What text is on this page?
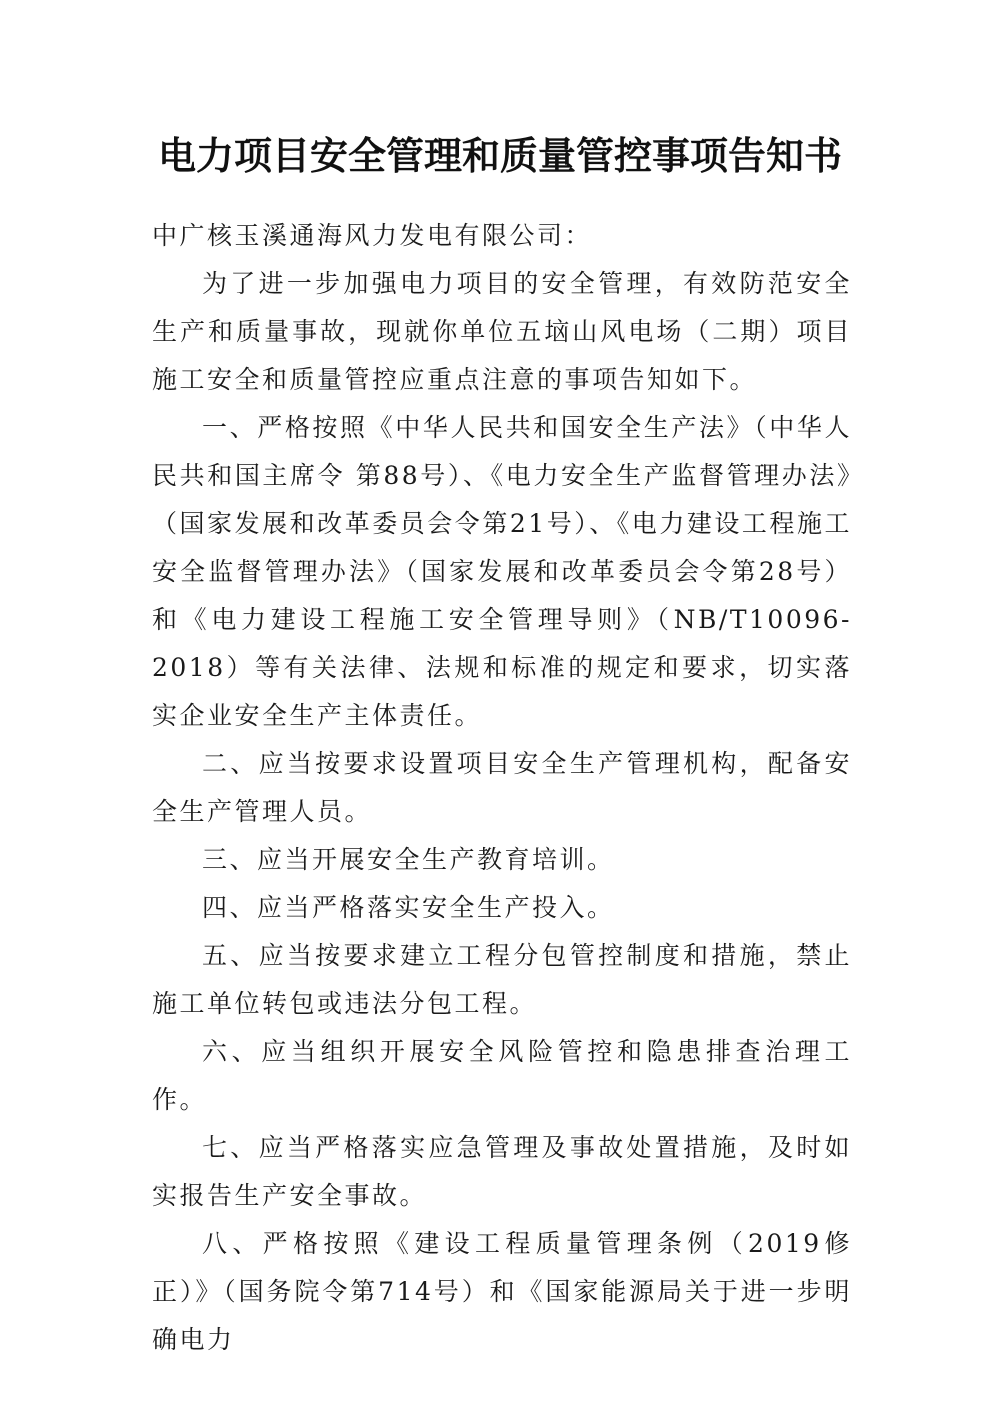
电力项目安全管理和质量管控事项告知书

中广核玉溪通海风力发电有限公司：

为了进一步加强电力项目的安全管理，有效防范安全生产和质量事故，现就你单位五垴山风电场（二期）项目施工安全和质量管控应重点注意的事项告知如下。

一、严格按照《中华人民共和国安全生产法》（中华人民共和国主席令 第88号）、《电力安全生产监督管理办法》（国家发展和改革委员会令第21号）、《电力建设工程施工安全监督管理办法》（国家发展和改革委员会令第28号）和《电力建设工程施工安全管理导则》（NB/T10096-2018）等有关法律、法规和标准的规定和要求，切实落实企业安全生产主体责任。

二、应当按要求设置项目安全生产管理机构，配备安全生产管理人员。

三、应当开展安全生产教育培训。

四、应当严格落实安全生产投入。

五、应当按要求建立工程分包管控制度和措施，禁止施工单位转包或违法分包工程。

六、应当组织开展安全风险管控和隐患排查治理工作。

七、应当严格落实应急管理及事故处置措施，及时如实报告生产安全事故。

八、严格按照《建设工程质量管理条例（2019修正）》（国务院令第714号）和《国家能源局关于进一步明确电力
